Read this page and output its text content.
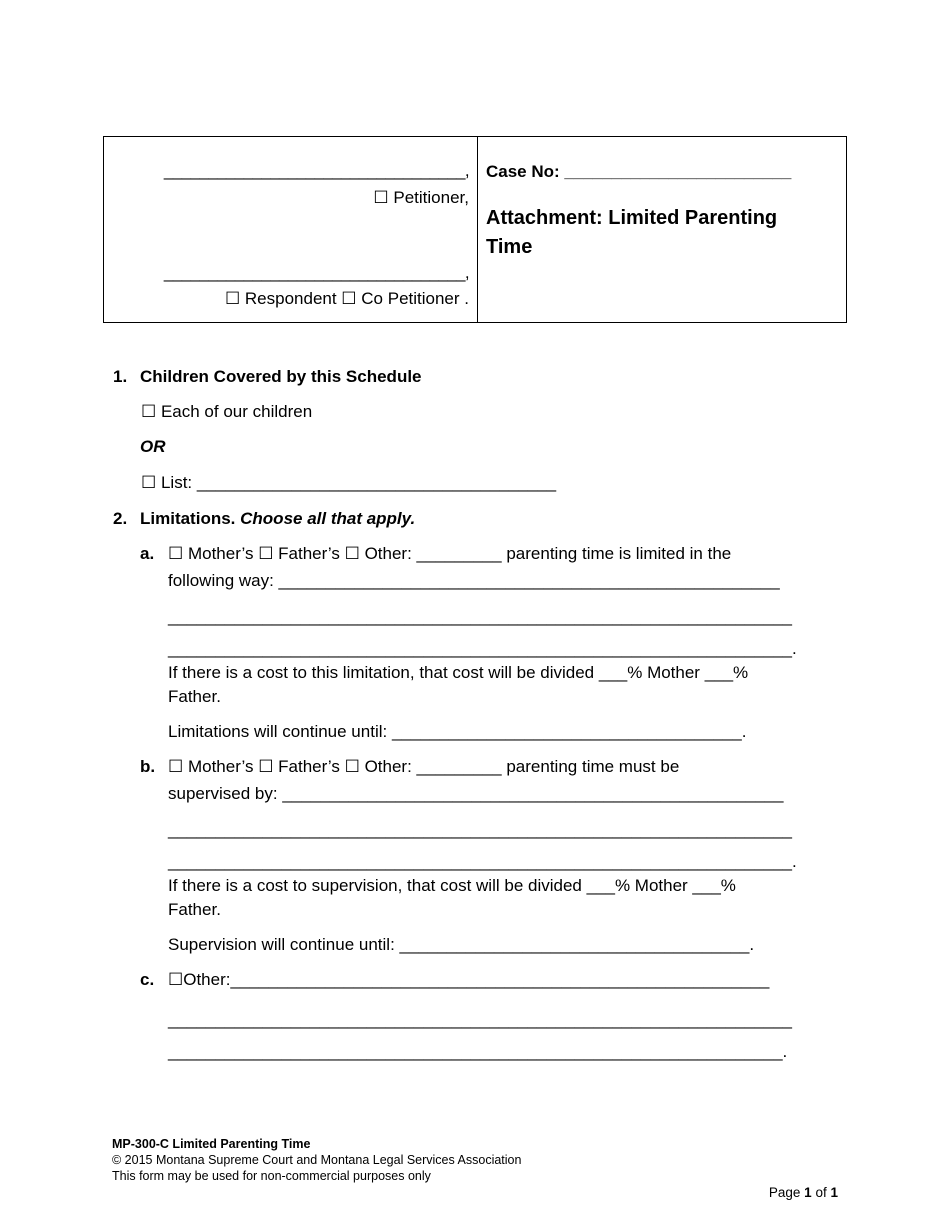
__________________________________,
☐ Petitioner,
__________________________________,
☐ Respondent ☐ Co Petitioner .
Case No: ________________________
Attachment: Limited Parenting
Time
1. Children Covered by this Schedule
☐ Each of our children
OR
☐ List: ______________________________________
2. Limitations. Choose all that apply.
a. ☐ Mother’s ☐ Father’s ☐ Other: _________ parenting time is limited in the
following way: _____________________________________________________
__________________________________________________________________
__________________________________________________________________.
If there is a cost to this limitation, that cost will be divided ___% Mother ___%
Father.
Limitations will continue until: _____________________________________.
b. ☐ Mother’s ☐ Father’s ☐ Other: _________ parenting time must be
supervised by: _____________________________________________________
__________________________________________________________________
__________________________________________________________________.
If there is a cost to supervision, that cost will be divided ___% Mother ___%
Father.
Supervision will continue until: _____________________________________.
c. ☐Other:_________________________________________________________
__________________________________________________________________
_________________________________________________________________.
MP-300-C Limited Parenting Time
© 2015 Montana Supreme Court and Montana Legal Services Association
This form may be used for non-commercial purposes only
Page 1 of 1
